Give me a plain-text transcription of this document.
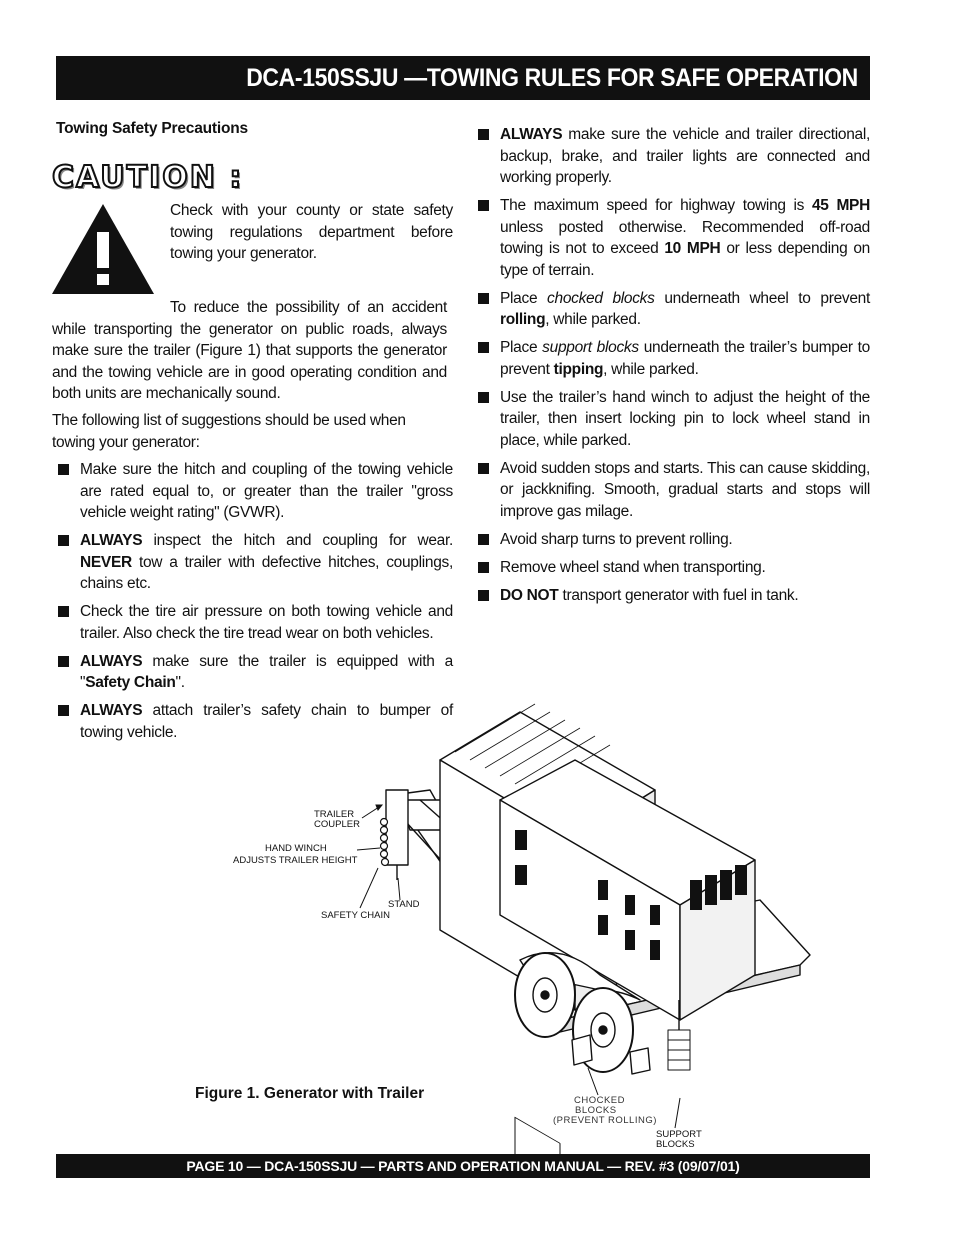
DCA-150SSJU —TOWING RULES FOR SAFE OPERATION
Towing Safety Precautions
CAUTION :
Check with your county or state safety towing regulations department before towing your generator.
To reduce the possibility of an accident while transporting the generator on public roads, always make sure the trailer (Figure 1) that supports the generator and the towing vehicle are in good operating condition and both units are mechanically sound.
The following list of suggestions should be used when towing your generator:
Make sure the hitch and coupling of the towing vehicle are rated equal to, or greater than the trailer "gross vehicle weight rating" (GVWR).
ALWAYS inspect the hitch and coupling for wear. NEVER tow a trailer with defective hitches, couplings, chains etc.
Check the tire air pressure on both towing vehicle and trailer. Also check the tire tread wear on both vehicles.
ALWAYS make sure the trailer is equipped with a "Safety Chain".
ALWAYS attach trailer’s safety chain to bumper of towing vehicle.
ALWAYS make sure the vehicle and trailer directional, backup, brake, and trailer lights are connected and working properly.
The maximum speed for highway towing is 45 MPH unless posted otherwise. Recommended off-road towing is not to exceed 10 MPH or less depending on type of terrain.
Place chocked blocks underneath wheel to prevent rolling, while parked.
Place support blocks underneath the trailer’s bumper to prevent tipping, while parked.
Use the trailer’s hand winch to adjust the height of the trailer, then insert locking pin to lock wheel stand in place, while parked.
Avoid sudden stops and starts. This can cause skidding, or jackknifing. Smooth, gradual starts and stops will improve gas milage.
Avoid sharp turns to prevent rolling.
Remove wheel stand when transporting.
DO NOT transport generator with fuel in tank.
TRAILER
COUPLER
HAND WINCH
ADJUSTS TRAILER HEIGHT
STAND
SAFETY CHAIN
CHOCKED
BLOCKS
(PREVENT ROLLING)
SUPPORT
BLOCKS
Figure 1. Generator with Trailer
PAGE 10 — DCA-150SSJU — PARTS AND OPERATION MANUAL — REV. #3 (09/07/01)
